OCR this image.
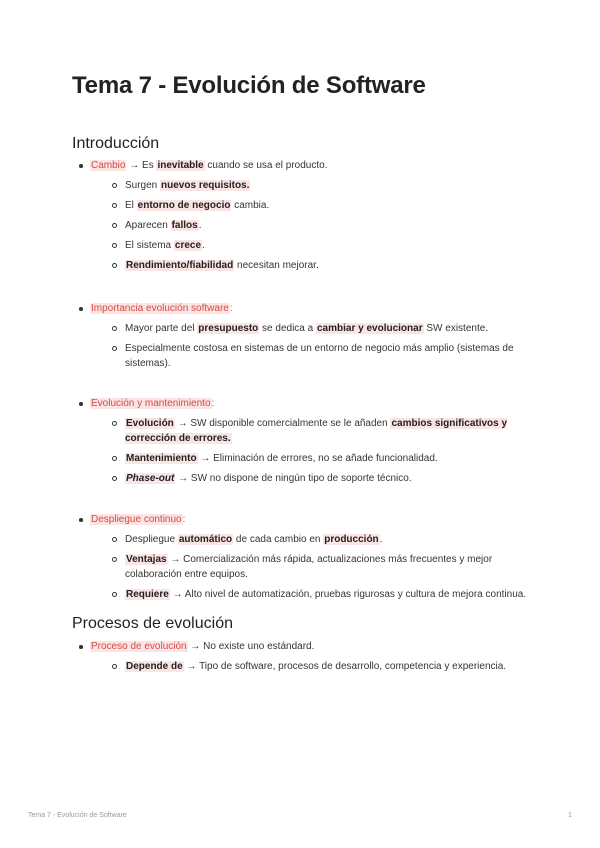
Tema 7 - Evolución de Software
Introducción
Cambio → Es inevitable cuando se usa el producto.
Surgen nuevos requisitos.
El entorno de negocio cambia.
Aparecen fallos.
El sistema crece.
Rendimiento/fiabilidad necesitan mejorar.
Importancia evolución software:
Mayor parte del presupuesto se dedica a cambiar y evolucionar SW existente.
Especialmente costosa en sistemas de un entorno de negocio más amplio (sistemas de sistemas).
Evolución y mantenimiento:
Evolución → SW disponible comercialmente se le añaden cambios significativos y corrección de errores.
Mantenimiento → Eliminación de errores, no se añade funcionalidad.
Phase-out → SW no dispone de ningún tipo de soporte técnico.
Despliegue continuo:
Despliegue automático de cada cambio en producción.
Ventajas → Comercialización más rápida, actualizaciones más frecuentes y mejor colaboración entre equipos.
Requiere → Alto nivel de automatización, pruebas rigurosas y cultura de mejora continua.
Procesos de evolución
Proceso de evolución → No existe uno estándard.
Depende de → Tipo de software, procesos de desarrollo, competencia y experiencia.
Tema 7 - Evolución de Software	1
